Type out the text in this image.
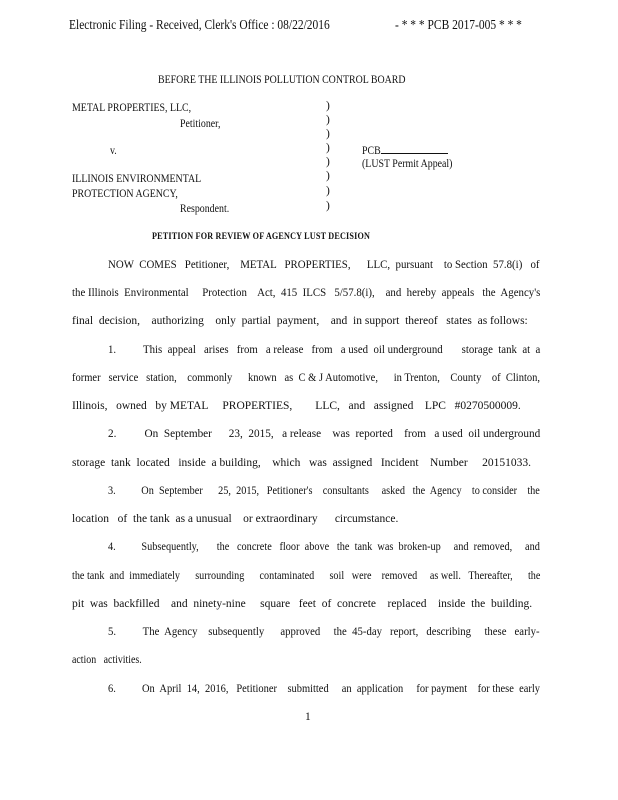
Electronic Filing - Received, Clerk's Office : 08/22/2016	- * * * PCB 2017-005 * * *
BEFORE THE ILLINOIS POLLUTION CONTROL BOARD
METAL PROPERTIES, LLC,
Petitioner,
v.
ILLINOIS ENVIRONMENTAL
PROTECTION AGENCY,
Respondent.
)
)
)
)
)
)
)
)
PCB
(LUST Permit Appeal)
PETITION FOR REVIEW OF AGENCY LUST DECISION
NOW  COMES   Petitioner,    METAL   PROPERTIES,      LLC,  pursuant    to Section  57.8(i)   of
the Illinois  Environmental     Protection    Act,  415  ILCS   5/57.8(i),    and  hereby  appeals   the  Agency's
final  decision,    authorizing    only  partial  payment,    and  in support  thereof   states  as follows:
1.          This  appeal   arises   from   a release   from   a used  oil underground       storage  tank  at  a
former   service   station,    commonly      known   as  C & J Automotive,      in Trenton,    County    of  Clinton,
Illinois,   owned   by METAL     PROPERTIES,        LLC,   and   assigned    LPC   #0270500009.
2.          On  September      23,  2015,   a release    was  reported    from   a used  oil underground
storage  tank  located   inside  a building,    which   was  assigned   Incident    Number     20151033.
3.          On  September      25,  2015,   Petitioner's    consultants     asked   the  Agency    to consider    the
location   of  the tank  as a unusual    or extraordinary      circumstance.
4.          Subsequently,       the   concrete   floor  above   the  tank  was  broken-up     and  removed,     and
the tank  and  immediately      surrounding      contaminated      soil   were    removed     as well.   Thereafter,      the
pit  was  backfilled    and  ninety-nine     square   feet  of  concrete    replaced    inside  the  building.
5.          The  Agency    subsequently      approved     the  45-day   report,   describing     these   early-
action   activities.
6.          On  April  14,  2016,   Petitioner    submitted     an  application     for payment    for these  early
1
